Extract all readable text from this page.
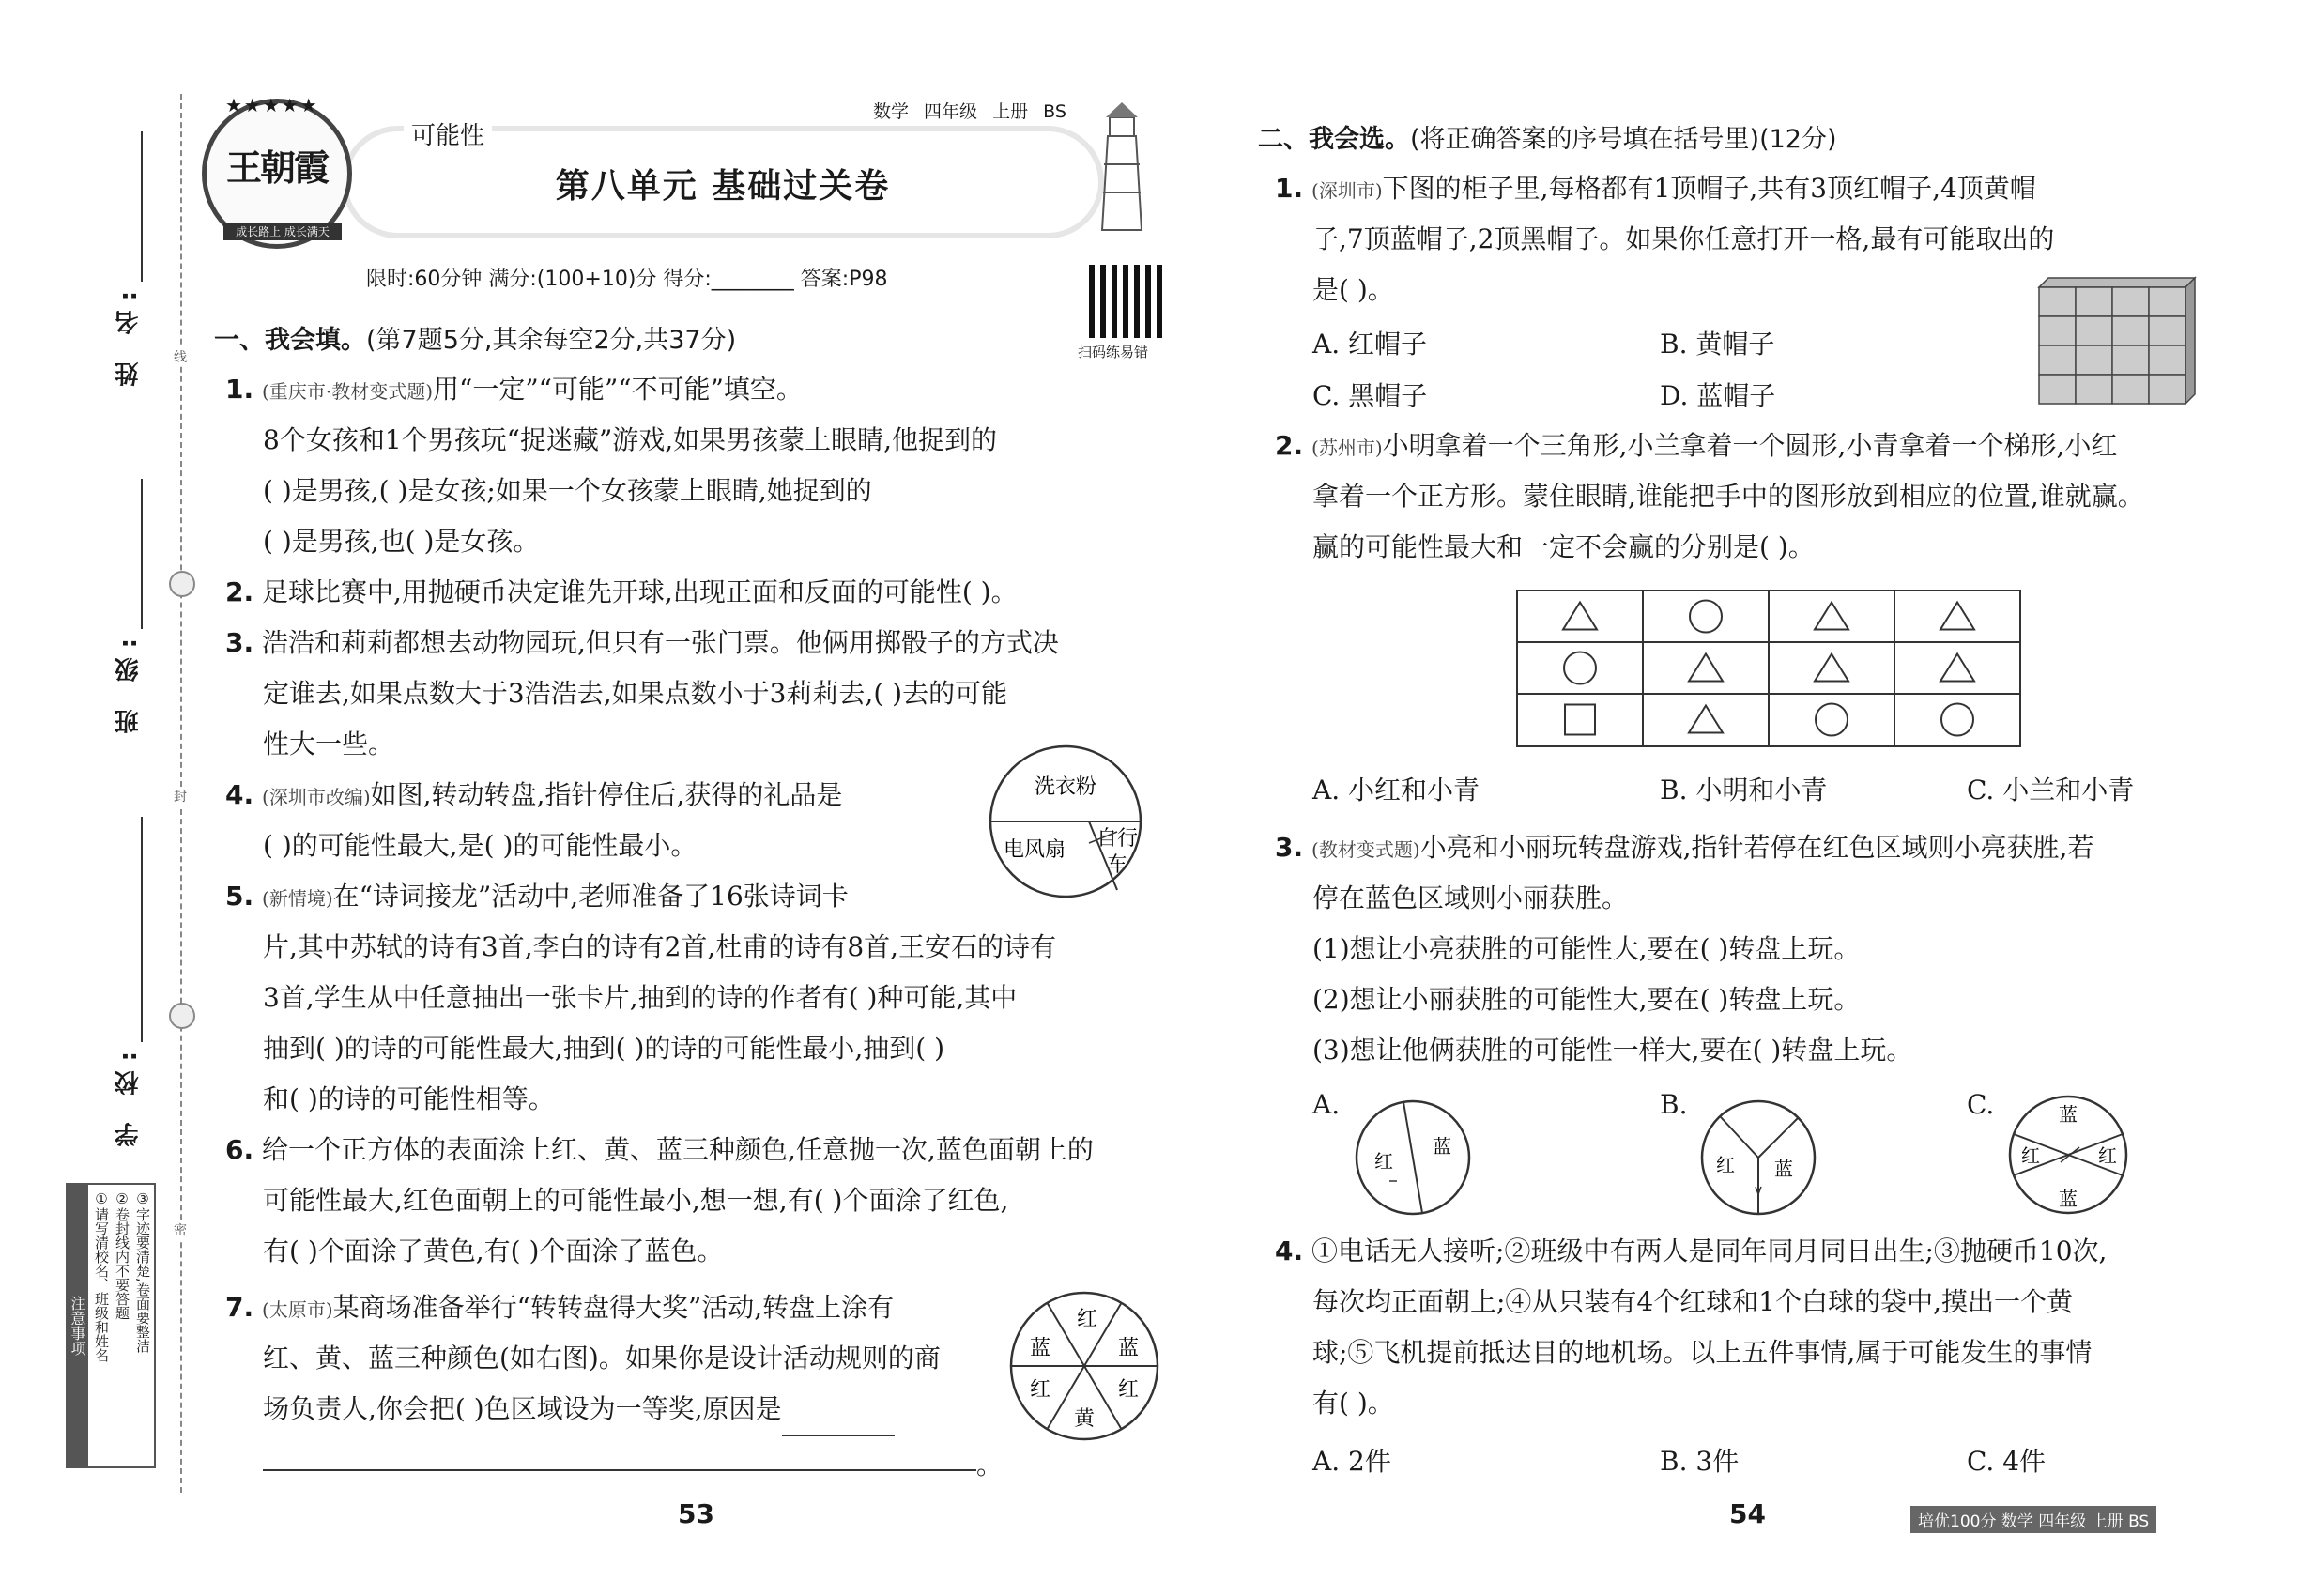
姓 名:
班 级:
学 校:
线
封
密
注意事项 ①请写清校名、班级和姓名 ②卷封线内不要答题 ③字迹要清楚,卷面要整洁
第八单元 基础过关卷
王朝霞
成长路上 成长满天
★★★★★
可能性
数学 四年级 上册 BS
限时:60分钟 满分:(100+10)分 得分:________ 答案:P98
扫码练易错
一、我会填。(第7题5分,其余每空2分,共37分)
1. (重庆市·教材变式题)用“一定”“可能”“不可能”填空。
8个女孩和1个男孩玩“捉迷藏”游戏,如果男孩蒙上眼睛,他捉到的
( )是男孩,( )是女孩;如果一个女孩蒙上眼睛,她捉到的
( )是男孩,也( )是女孩。
2. 足球比赛中,用抛硬币决定谁先开球,出现正面和反面的可能性( )。
3. 浩浩和莉莉都想去动物园玩,但只有一张门票。他俩用掷骰子的方式决
定谁去,如果点数大于3浩浩去,如果点数小于3莉莉去,( )去的可能
性大一些。
4. (深圳市改编)如图,转动转盘,指针停住后,获得的礼品是
( )的可能性最大,是( )的可能性最小。
洗衣粉
电风扇 自行
车
5. (新情境)在“诗词接龙”活动中,老师准备了16张诗词卡
片,其中苏轼的诗有3首,李白的诗有2首,杜甫的诗有8首,王安石的诗有
3首,学生从中任意抽出一张卡片,抽到的诗的作者有( )种可能,其中
抽到( )的诗的可能性最大,抽到( )的诗的可能性最小,抽到( )
和( )的诗的可能性相等。
6. 给一个正方体的表面涂上红、黄、蓝三种颜色,任意抛一次,蓝色面朝上的
可能性最大,红色面朝上的可能性最小,想一想,有( )个面涂了红色,
有( )个面涂了黄色,有( )个面涂了蓝色。
7. (太原市)某商场准备举行“转转盘得大奖”活动,转盘上涂有
红、黄、蓝三种颜色(如右图)。如果你是设计活动规则的商
场负责人,你会把( )色区域设为一等奖,原因是
。
红
蓝
红
黄
红
蓝
53
二、我会选。(将正确答案的序号填在括号里)(12分)
1. (深圳市)下图的柜子里,每格都有1顶帽子,共有3顶红帽子,4顶黄帽
子,7顶蓝帽子,2顶黑帽子。如果你任意打开一格,最有可能取出的
是( )。
A. 红帽子	B. 黄帽子
C. 黑帽子	D. 蓝帽子
2. (苏州市)小明拿着一个三角形,小兰拿着一个圆形,小青拿着一个梯形,小红
拿着一个正方形。蒙住眼睛,谁能把手中的图形放到相应的位置,谁就赢。
赢的可能性最大和一定不会赢的分别是( )。
A. 小红和小青	B. 小明和小青	C. 小兰和小青
3. (教材变式题)小亮和小丽玩转盘游戏,指针若停在红色区域则小亮获胜,若
停在蓝色区域则小丽获胜。
(1)想让小亮获胜的可能性大,要在( )转盘上玩。
(2)想让小丽获胜的可能性大,要在( )转盘上玩。
(3)想让他俩获胜的可能性一样大,要在( )转盘上玩。
A.
红
蓝
B.
红 蓝
C.	蓝
红	红
蓝
4. ①电话无人接听;②班级中有两人是同年同月同日出生;③抛硬币10次,
每次均正面朝上;④从只装有4个红球和1个白球的袋中,摸出一个黄
球;⑤飞机提前抵达目的地机场。以上五件事情,属于可能发生的事情
有( )。
A. 2件	B. 3件	C. 4件
54	培优100分 数学 四年级 上册 BS
